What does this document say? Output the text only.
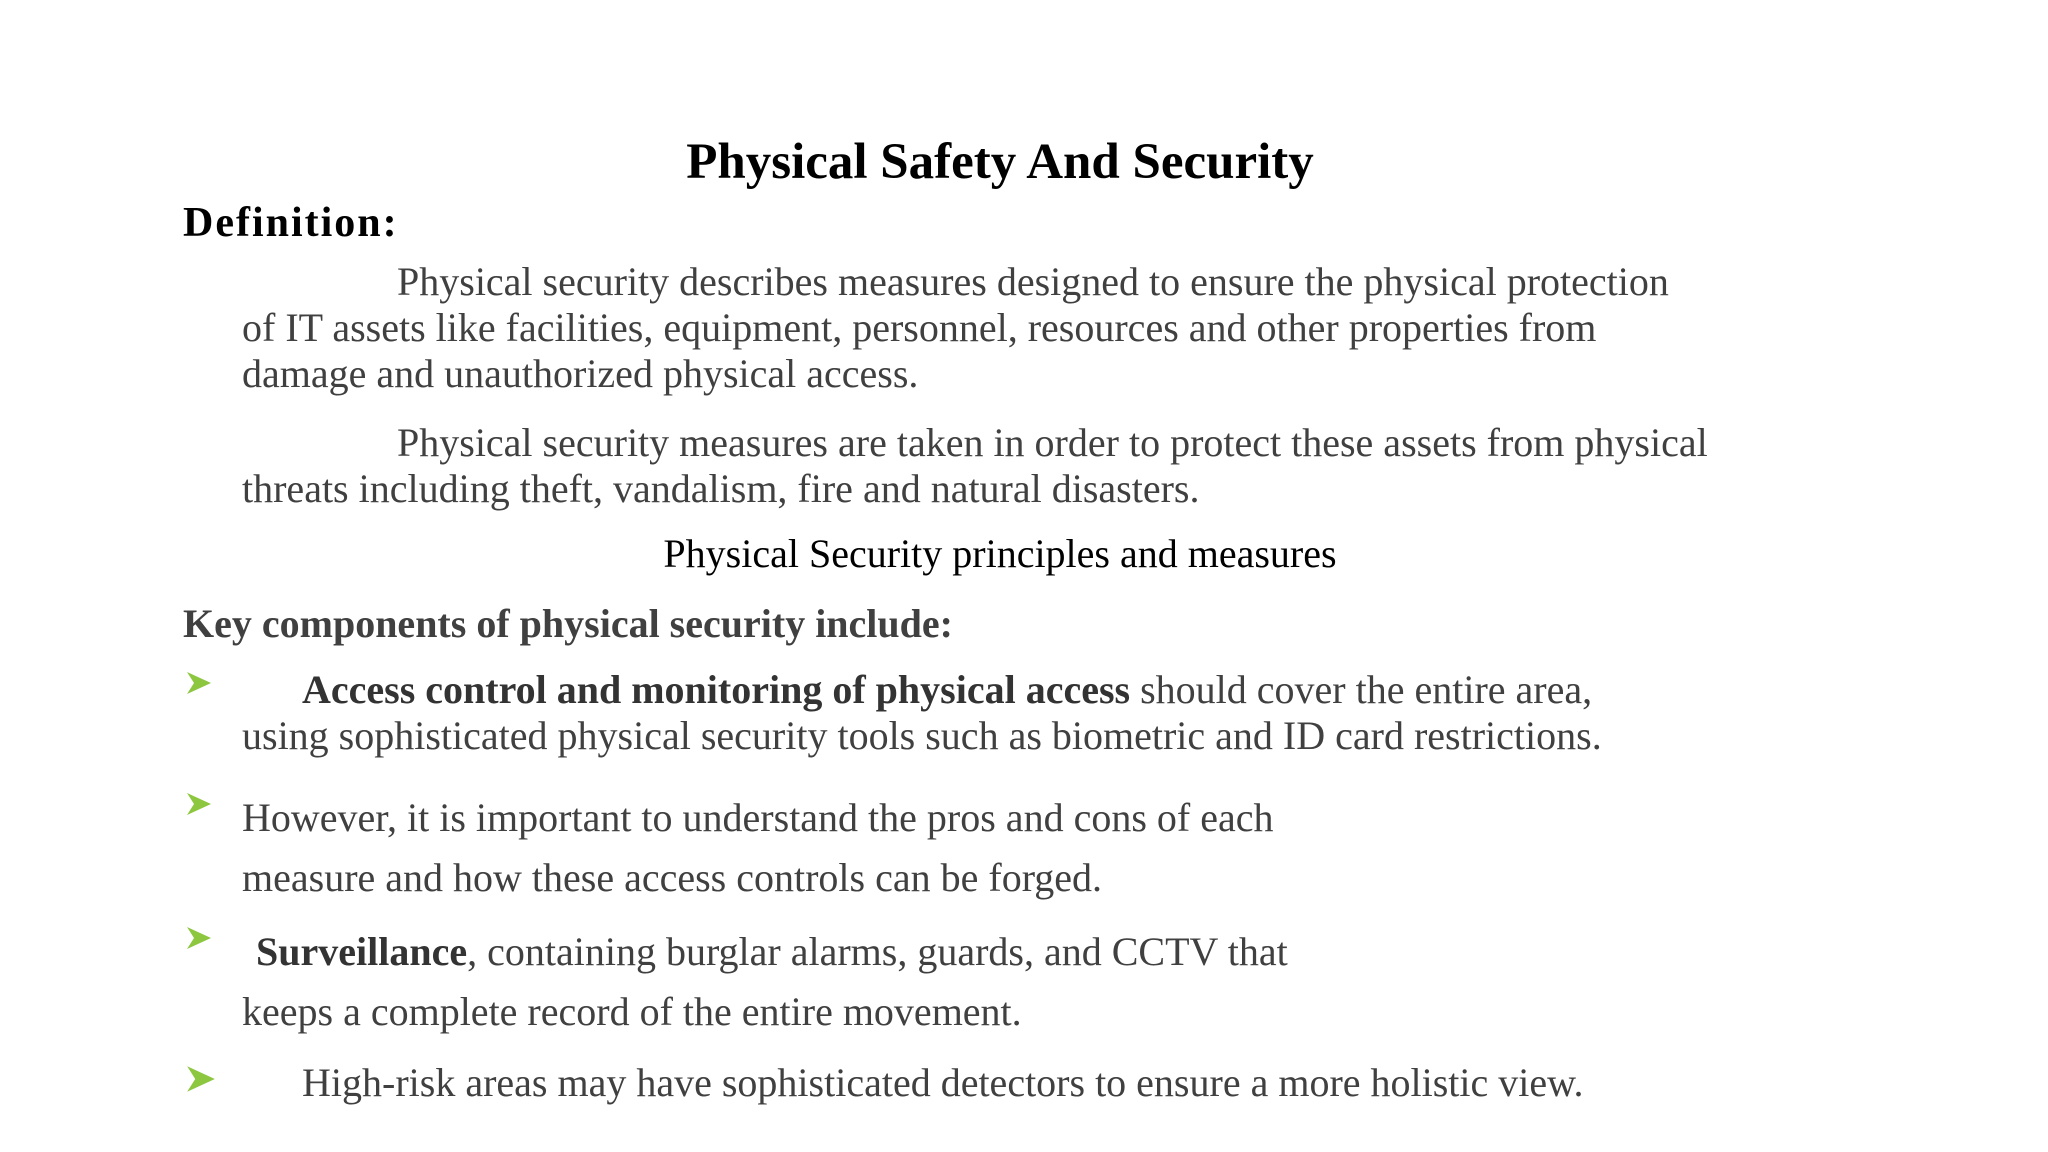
Physical Safety And Security
Definition:
Physical security describes measures designed to ensure the physical protection
of IT assets like facilities, equipment, personnel, resources and other properties from
damage and unauthorized physical access.
Physical security measures are taken in order to protect these assets from physical
threats including theft, vandalism, fire and natural disasters.
Physical Security principles and measures
Key components of physical security include:
Access control and monitoring of physical access should cover the entire area,
using sophisticated physical security tools such as biometric and ID card restrictions.
However, it is important to understand the pros and cons of each
measure and how these access controls can be forged.
Surveillance, containing burglar alarms, guards, and CCTV that
keeps a complete record of the entire movement.
High-risk areas may have sophisticated detectors to ensure a more holistic view.
